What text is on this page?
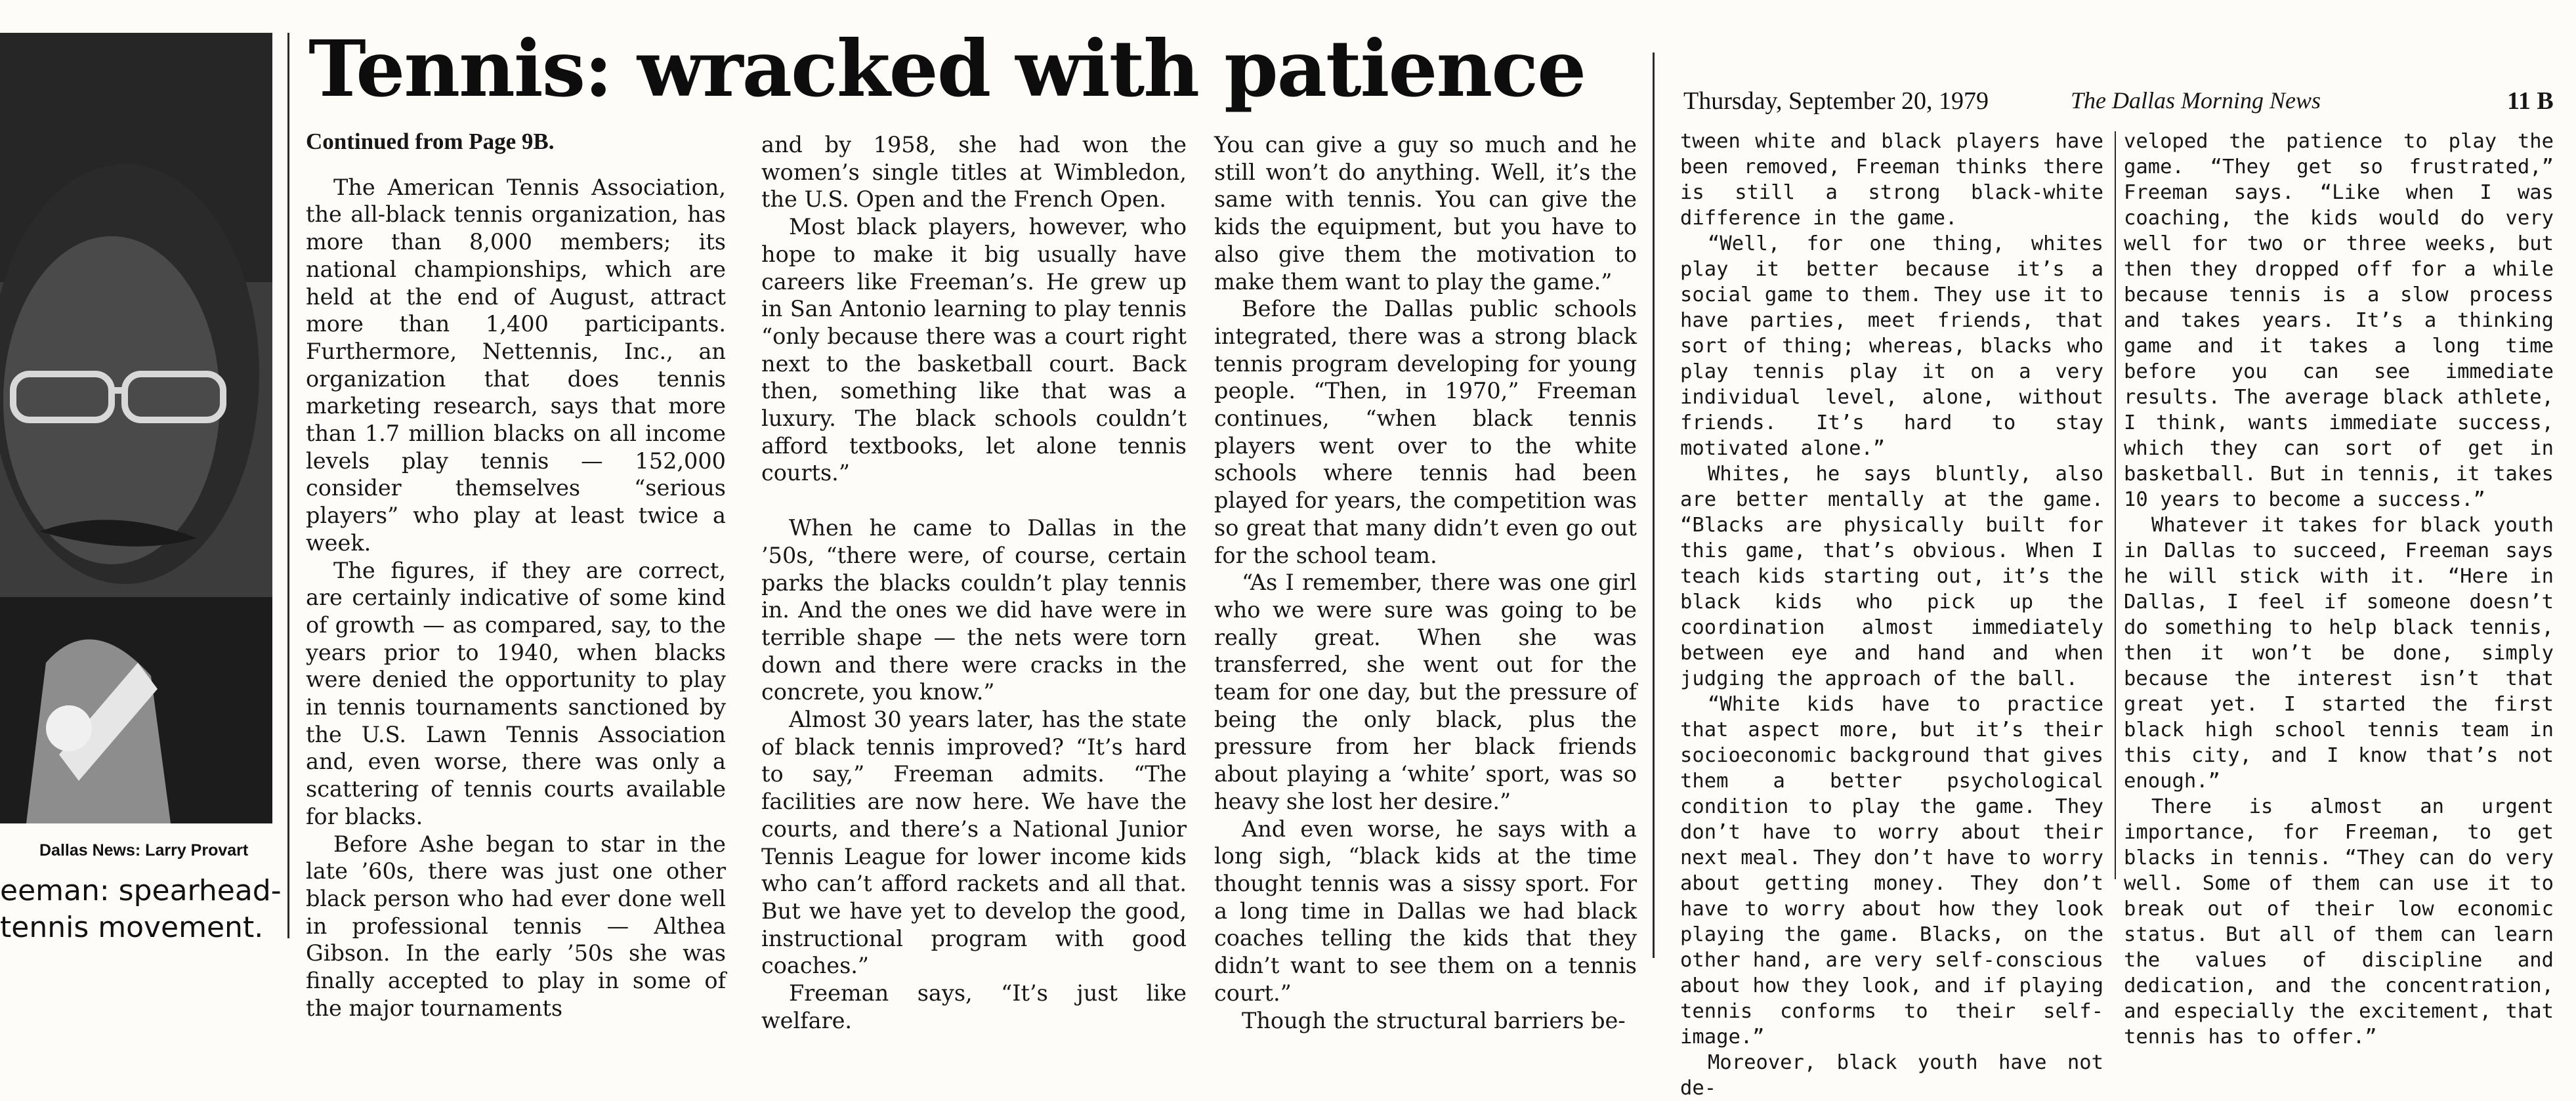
Dallas News: Larry Provart
eeman: spearhead-
tennis movement.
Tennis: wracked with patience	Thursday, September 20, 1979	The Dallas Morning News	11 B

Continued from Page 9B.

The American Tennis Association, the all-black tennis organization, has more than 8,000 members; its national championships, which are held at the end of August, attract more than 1,400 participants. Furthermore, Nettennis, Inc., an organization that does tennis marketing research, says that more than 1.7 million blacks on all income levels play tennis — 152,000 consider themselves “serious players” who play at least twice a week.

The figures, if they are correct, are certainly indicative of some kind of growth — as compared, say, to the years prior to 1940, when blacks were denied the opportunity to play in tennis tournaments sanctioned by the U.S. Lawn Tennis Association and, even worse, there was only a scattering of tennis courts available for blacks.

Before Ashe began to star in the late ’60s, there was just one other black person who had ever done well in professional tennis — Althea Gibson. In the early ’50s she was finally accepted to play in some of the major tournaments

and by 1958, she had won the women’s single titles at Wimbledon, the U.S. Open and the French Open.

Most black players, however, who hope to make it big usually have careers like Freeman’s. He grew up in San Antonio learning to play tennis “only because there was a court right next to the basketball court. Back then, something like that was a luxury. The black schools couldn’t afford textbooks, let alone tennis courts.”

When he came to Dallas in the ’50s, “there were, of course, certain parks the blacks couldn’t play tennis in. And the ones we did have were in terrible shape — the nets were torn down and there were cracks in the concrete, you know.”

Almost 30 years later, has the state of black tennis improved? “It’s hard to say,” Freeman admits. “The facilities are now here. We have the courts, and there’s a National Junior Tennis League for lower income kids who can’t afford rackets and all that. But we have yet to develop the good, instructional program with good coaches.”

Freeman says, “It’s just like welfare.

You can give a guy so much and he still won’t do anything. Well, it’s the same with tennis. You can give the kids the equipment, but you have to also give them the motivation to make them want to play the game.”

Before the Dallas public schools integrated, there was a strong black tennis program developing for young people. “Then, in 1970,” Freeman continues, “when black tennis players went over to the white schools where tennis had been played for years, the competition was so great that many didn’t even go out for the school team.

“As I remember, there was one girl who we were sure was going to be really great. When she was transferred, she went out for the team for one day, but the pressure of being the only black, plus the pressure from her black friends about playing a ‘white’ sport, was so heavy she lost her desire.”

And even worse, he says with a long sigh, “black kids at the time thought tennis was a sissy sport. For a long time in Dallas we had black coaches telling the kids that they didn’t want to see them on a tennis court.”

Though the structural barriers be-

tween white and black players have been removed, Freeman thinks there is still a strong black-white difference in the game.

“Well, for one thing, whites play it better because it’s a social game to them. They use it to have parties, meet friends, that sort of thing; whereas, blacks who play tennis play it on a very individual level, alone, without friends. It’s hard to stay motivated alone.”

Whites, he says bluntly, also are better mentally at the game. “Blacks are physically built for this game, that’s obvious. When I teach kids starting out, it’s the black kids who pick up the coordination almost immediately between eye and hand and when judging the approach of the ball.

“White kids have to practice that aspect more, but it’s their socioeconomic background that gives them a better psychological condition to play the game. They don’t have to worry about their next meal. They don’t have to worry about getting money. They don’t have to worry about how they look playing the game. Blacks, on the other hand, are very self-conscious about how they look, and if playing tennis conforms to their self-image.”

Moreover, black youth have not de-

veloped the patience to play the game. “They get so frustrated,” Freeman says. “Like when I was coaching, the kids would do very well for two or three weeks, but then they dropped off for a while because tennis is a slow process and takes years. It’s a thinking game and it takes a long time before you can see immediate results. The average black athlete, I think, wants immediate success, which they can sort of get in basketball. But in tennis, it takes 10 years to become a success.”

Whatever it takes for black youth in Dallas to succeed, Freeman says he will stick with it. “Here in Dallas, I feel if someone doesn’t do something to help black tennis, then it won’t be done, simply because the interest isn’t that great yet. I started the first black high school tennis team in this city, and I know that’s not enough.”

There is almost an urgent importance, for Freeman, to get blacks in tennis. “They can do very well. Some of them can use it to break out of their low economic status. But all of them can learn the values of discipline and dedication, and the concentration, and especially the excitement, that tennis has to offer.”
